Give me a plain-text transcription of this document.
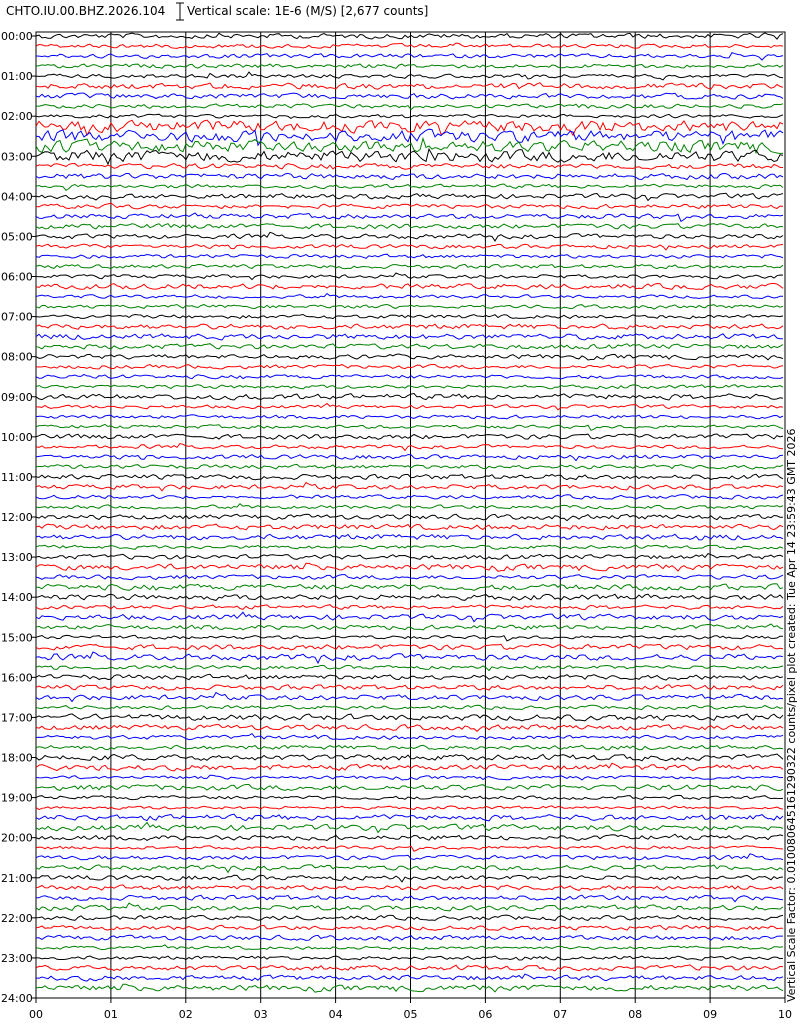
CHTO.IU.00.BHZ.2026.104 Vertical scale: 1E-6 (M/S) [2,677 counts]
00:00
01:00
02:00
03:00
04:00
05:00
06:00
07:00
08:00
09:00
10:00
11:00
12:00
13:00
14:00
15:00
16:00
17:00
18:00
19:00
20:00
21:00
22:00
23:00
24:00
00	01	02	03	04	05	06	07	08	09	10
Vertical Scale Factor: 0.010080645161290322 counts/pixel plot created: Tue Apr 14 23:59:43 GMT 2026
